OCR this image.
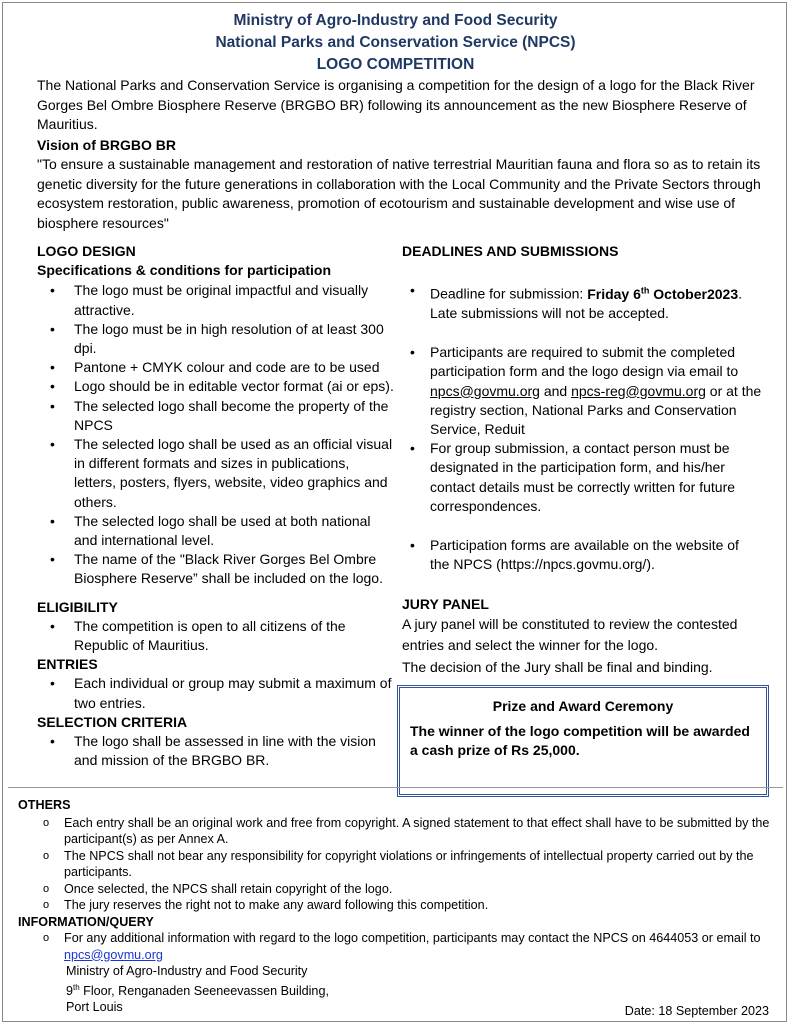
Ministry of Agro-Industry and Food Security
National Parks and Conservation Service (NPCS)
LOGO COMPETITION
The National Parks and Conservation Service is organising a competition for the design of a logo for the Black River Gorges Bel Ombre Biosphere Reserve (BRGBO BR) following its announcement as the new Biosphere Reserve of Mauritius.
Vision of BRGBO BR
"To ensure a sustainable management and restoration of native terrestrial Mauritian fauna and flora so as to retain its genetic diversity for the future generations in collaboration with the Local Community and the Private Sectors through ecosystem restoration, public awareness, promotion of ecotourism and sustainable development and wise use of biosphere resources"
LOGO DESIGN
Specifications & conditions for participation
• The logo must be original impactful and visually attractive.
• The logo must be in high resolution of at least 300 dpi.
• Pantone + CMYK colour and code are to be used
• Logo should be in editable vector format (ai or eps).
• The selected logo shall become the property of the NPCS
• The selected logo shall be used as an official visual in different formats and sizes in publications, letters, posters, flyers, website, video graphics and others.
• The selected logo shall be used at both national and international level.
• The name of the "Black River Gorges Bel Ombre Biosphere Reserve” shall be included on the logo.
ELIGIBILITY
• The competition is open to all citizens of the Republic of Mauritius.
ENTRIES
• Each individual or group may submit a maximum of two entries.
SELECTION CRITERIA
• The logo shall be assessed in line with the vision and mission of the BRGBO BR.
DEADLINES AND SUBMISSIONS
• Deadline for submission: Friday 6th October2023. Late submissions will not be accepted.
• Participants are required to submit the completed participation form and the logo design via email to npcs@govmu.org and npcs-reg@govmu.org or at the registry section, National Parks and Conservation Service, Reduit
• For group submission, a contact person must be designated in the participation form, and his/her contact details must be correctly written for future correspondences.
• Participation forms are available on the website of the NPCS (https://npcs.govmu.org/).
JURY PANEL
A jury panel will be constituted to review the contested entries and select the winner for the logo.
The decision of the Jury shall be final and binding.
Prize and Award Ceremony
The winner of the logo competition will be awarded a cash prize of Rs 25,000.
OTHERS
o Each entry shall be an original work and free from copyright. A signed statement to that effect shall have to be submitted by the participant(s) as per Annex A.
o The NPCS shall not bear any responsibility for copyright violations or infringements of intellectual property carried out by the participants.
o Once selected, the NPCS shall retain copyright of the logo.
o The jury reserves the right not to make any award following this competition.
INFORMATION/QUERY
o For any additional information with regard to the logo competition, participants may contact the NPCS on 4644053 or email to npcs@govmu.org
Ministry of Agro-Industry and Food Security
9th Floor, Renganaden Seeneevassen Building,
Port Louis	Date: 18 September 2023
